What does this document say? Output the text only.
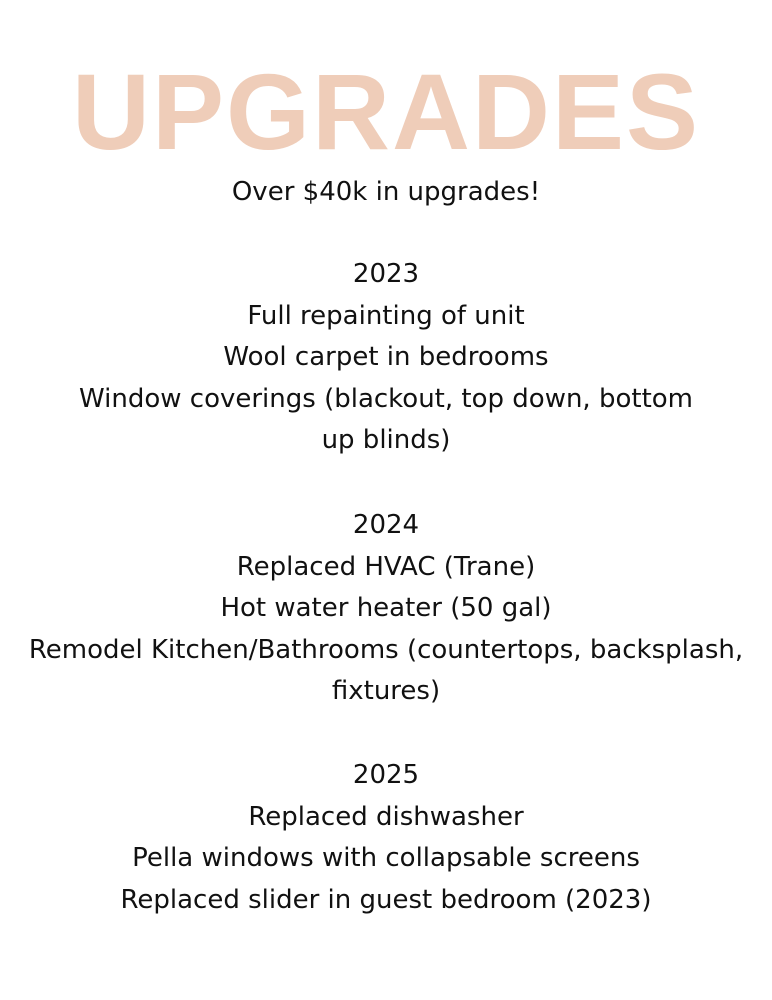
UPGRADES
Over $40k in upgrades!
2023
Full repainting of unit
Wool carpet in bedrooms
Window coverings (blackout, top down, bottom
up blinds)
2024
Replaced HVAC (Trane)
Hot water heater (50 gal)
Remodel Kitchen/Bathrooms (countertops, backsplash,
fixtures)
2025
Replaced dishwasher
Pella windows with collapsable screens
Replaced slider in guest bedroom (2023)
